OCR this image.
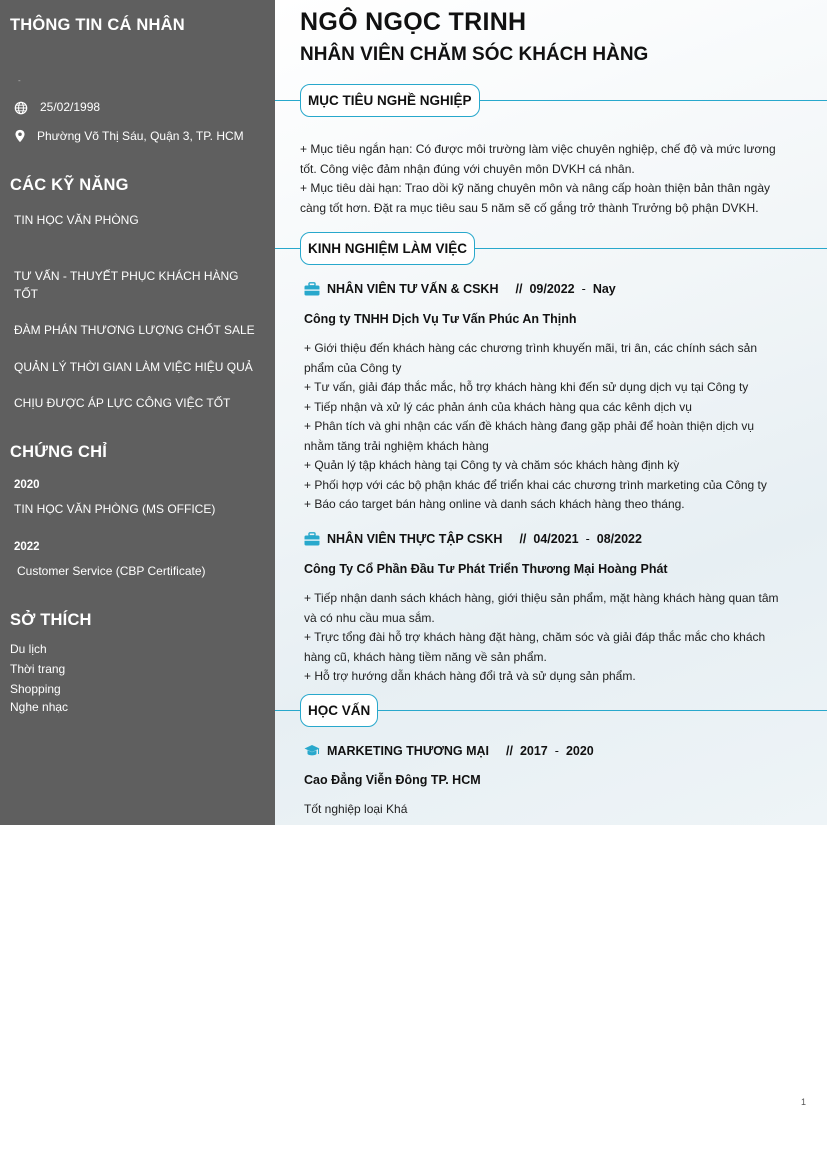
THÔNG TIN CÁ NHÂN
-
25/02/1998
Phường Võ Thị Sáu, Quận 3, TP. HCM
CÁC KỸ NĂNG
TIN HỌC VĂN PHÒNG
TƯ VẤN - THUYẾT PHỤC KHÁCH HÀNG
TỐT
ĐÀM PHÁN THƯƠNG LƯỢNG CHỐT SALE
QUẢN LÝ THỜI GIAN LÀM VIỆC HIỆU QUẢ
CHỊU ĐƯỢC ÁP LỰC CÔNG VIỆC TỐT
CHỨNG CHỈ
2020
TIN HỌC VĂN PHÒNG (MS OFFICE)
2022
Customer Service (CBP Certificate)
SỞ THÍCH
Du lịch
Thời trang
Shopping
Nghe nhạc
NGÔ NGỌC TRINH
NHÂN VIÊN CHĂM SÓC KHÁCH HÀNG
MỤC TIÊU NGHỀ NGHIỆP
+ Mục tiêu ngắn hạn: Có được môi trường làm việc chuyên nghiệp, chế độ và mức lương
tốt. Công việc đảm nhận đúng với chuyên môn DVKH cá nhân.
+ Mục tiêu dài hạn: Trao dồi kỹ năng chuyên môn và nâng cấp hoàn thiện bản thân ngày
càng tốt hơn. Đặt ra mục tiêu sau 5 năm sẽ cố gắng trở thành Trưởng bộ phận DVKH.
KINH NGHIỆM LÀM VIỆC
NHÂN VIÊN TƯ VẤN & CSKH // 09/2022 - Nay
Công ty TNHH Dịch Vụ Tư Vấn Phúc An Thịnh
+ Giới thiệu đến khách hàng các chương trình khuyến mãi, tri ân, các chính sách sản
phẩm của Công ty
+ Tư vấn, giải đáp thắc mắc, hỗ trợ khách hàng khi đến sử dụng dịch vụ tại Công ty
+ Tiếp nhận và xử lý các phản ánh của khách hàng qua các kênh dịch vụ
+ Phân tích và ghi nhận các vấn đề khách hàng đang gặp phải để hoàn thiện dịch vụ
nhằm tăng trải nghiệm khách hàng
+ Quản lý tập khách hàng tại Công ty và chăm sóc khách hàng định kỳ
+ Phối hợp với các bộ phận khác để triển khai các chương trình marketing của Công ty
+ Báo cáo target bán hàng online và danh sách khách hàng theo tháng.
NHÂN VIÊN THỰC TẬP CSKH // 04/2021 - 08/2022
Công Ty Cổ Phần Đầu Tư Phát Triển Thương Mại Hoàng Phát
+ Tiếp nhận danh sách khách hàng, giới thiệu sản phẩm, mặt hàng khách hàng quan tâm
và có nhu cầu mua sắm.
+ Trực tổng đài hỗ trợ khách hàng đặt hàng, chăm sóc và giải đáp thắc mắc cho khách
hàng cũ, khách hàng tiềm năng về sản phẩm.
+ Hỗ trợ hướng dẫn khách hàng đổi trả và sử dụng sản phẩm.
HỌC VẤN
MARKETING THƯƠNG MẠI // 2017 - 2020
Cao Đẳng Viễn Đông TP. HCM
Tốt nghiệp loại Khá
1
